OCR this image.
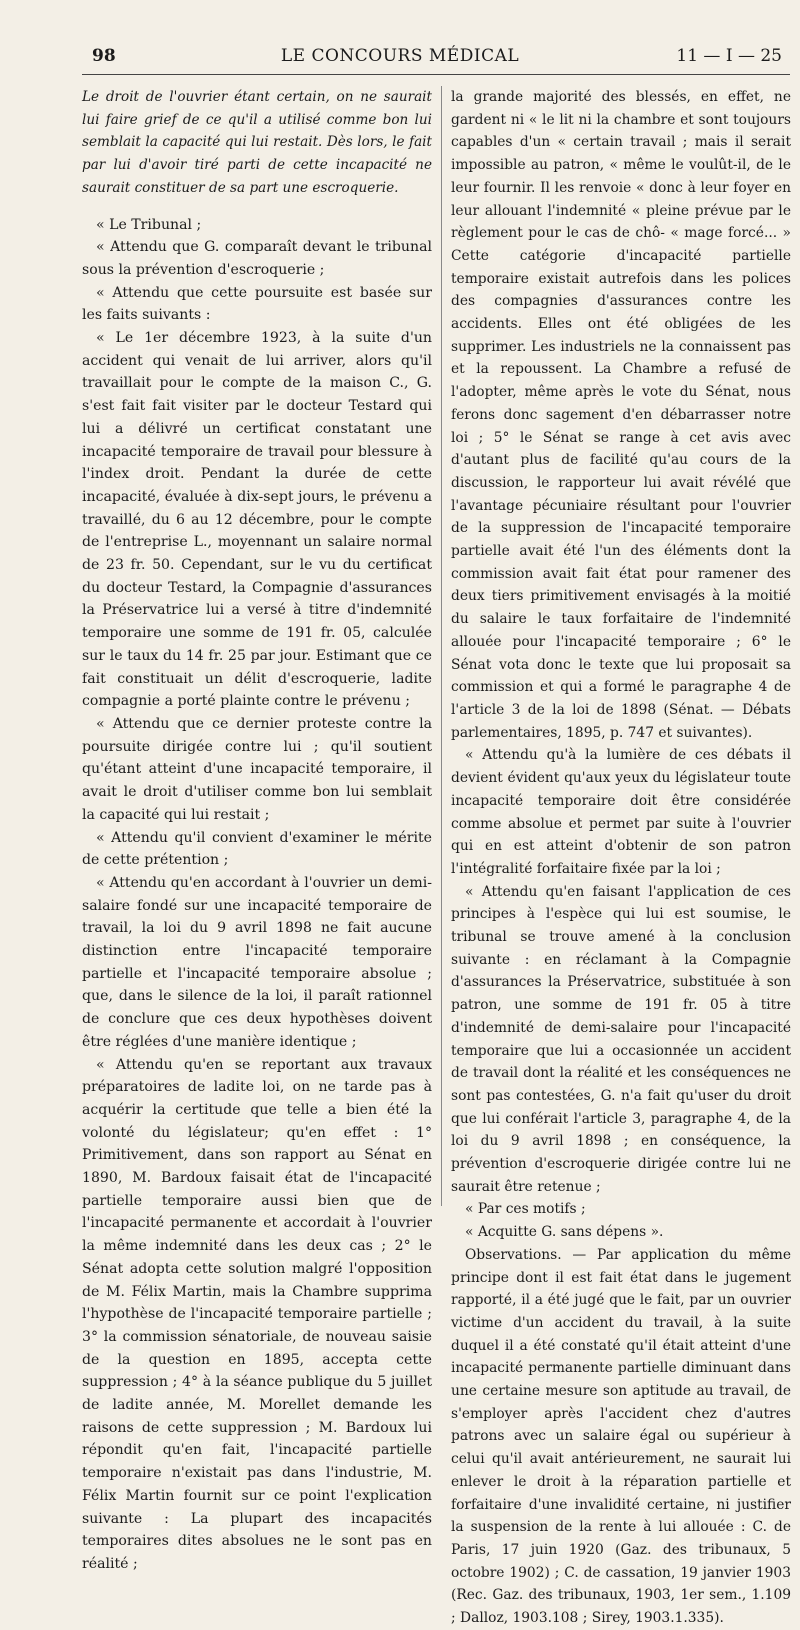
98	LE CONCOURS MÉDICAL	11 — I — 25

Le droit de l'ouvrier étant certain, on ne saurait lui faire grief de ce qu'il a utilisé comme bon lui semblait la capacité qui lui restait. Dès lors, le fait par lui d'avoir tiré parti de cette incapacité ne saurait constituer de sa part une escroquerie.

« Le Tribunal ;

« Attendu que G. comparaît devant le tribunal sous la prévention d'escroquerie ;

« Attendu que cette poursuite est basée sur les faits suivants :

« Le 1er décembre 1923, à la suite d'un accident qui venait de lui arriver, alors qu'il travaillait pour le compte de la maison C., G. s'est fait fait visiter par le docteur Testard qui lui a délivré un certificat constatant une incapacité temporaire de travail pour blessure à l'index droit. Pendant la durée de cette incapacité, évaluée à dix-sept jours, le prévenu a travaillé, du 6 au 12 décembre, pour le compte de l'entreprise L., moyennant un salaire normal de 23 fr. 50. Cependant, sur le vu du certificat du docteur Testard, la Compagnie d'assurances la Préservatrice lui a versé à titre d'indemnité temporaire une somme de 191 fr. 05, calculée sur le taux du 14 fr. 25 par jour. Estimant que ce fait constituait un délit d'escroquerie, ladite compagnie a porté plainte contre le prévenu ;

« Attendu que ce dernier proteste contre la poursuite dirigée contre lui ; qu'il soutient qu'étant atteint d'une incapacité temporaire, il avait le droit d'utiliser comme bon lui semblait la capacité qui lui restait ;

« Attendu qu'il convient d'examiner le mérite de cette prétention ;

« Attendu qu'en accordant à l'ouvrier un demi-salaire fondé sur une incapacité temporaire de travail, la loi du 9 avril 1898 ne fait aucune distinction entre l'incapacité temporaire partielle et l'incapacité temporaire absolue ; que, dans le silence de la loi, il paraît rationnel de conclure que ces deux hypothèses doivent être réglées d'une manière identique ;

« Attendu qu'en se reportant aux travaux préparatoires de ladite loi, on ne tarde pas à acquérir la certitude que telle a bien été la volonté du législateur; qu'en effet : 1° Primitivement, dans son rapport au Sénat en 1890, M. Bardoux faisait état de l'incapacité partielle temporaire aussi bien que de l'incapacité permanente et accordait à l'ouvrier la même indemnité dans les deux cas ; 2° le Sénat adopta cette solution malgré l'opposition de M. Félix Martin, mais la Chambre supprima l'hypothèse de l'incapacité temporaire partielle ; 3° la commission sénatoriale, de nouveau saisie de la question en 1895, accepta cette suppression ; 4° à la séance publique du 5 juillet de ladite année, M. Morellet demande les raisons de cette suppression ; M. Bardoux lui répondit qu'en fait, l'incapacité partielle temporaire n'existait pas dans l'industrie, M. Félix Martin fournit sur ce point l'explication suivante : La plupart des incapacités temporaires dites absolues ne le sont pas en réalité ;

la grande majorité des blessés, en effet, ne gardent ni « le lit ni la chambre et sont toujours capables d'un « certain travail ; mais il serait impossible au patron, « même le voulût-il, de le leur fournir. Il les renvoie « donc à leur foyer en leur allouant l'indemnité « pleine prévue par le règlement pour le cas de chô- « mage forcé... » Cette catégorie d'incapacité partielle temporaire existait autrefois dans les polices des compagnies d'assurances contre les accidents. Elles ont été obligées de les supprimer. Les industriels ne la connaissent pas et la repoussent. La Chambre a refusé de l'adopter, même après le vote du Sénat, nous ferons donc sagement d'en débarrasser notre loi ; 5° le Sénat se range à cet avis avec d'autant plus de facilité qu'au cours de la discussion, le rapporteur lui avait révélé que l'avantage pécuniaire résultant pour l'ouvrier de la suppression de l'incapacité temporaire partielle avait été l'un des éléments dont la commission avait fait état pour ramener des deux tiers primitivement envisagés à la moitié du salaire le taux forfaitaire de l'indemnité allouée pour l'incapacité temporaire ; 6° le Sénat vota donc le texte que lui proposait sa commission et qui a formé le paragraphe 4 de l'article 3 de la loi de 1898 (Sénat. — Débats parlementaires, 1895, p. 747 et suivantes).

« Attendu qu'à la lumière de ces débats il devient évident qu'aux yeux du législateur toute incapacité temporaire doit être considérée comme absolue et permet par suite à l'ouvrier qui en est atteint d'obtenir de son patron l'intégralité forfaitaire fixée par la loi ;

« Attendu qu'en faisant l'application de ces principes à l'espèce qui lui est soumise, le tribunal se trouve amené à la conclusion suivante : en réclamant à la Compagnie d'assurances la Préservatrice, substituée à son patron, une somme de 191 fr. 05 à titre d'indemnité de demi-salaire pour l'incapacité temporaire que lui a occasionnée un accident de travail dont la réalité et les conséquences ne sont pas contestées, G. n'a fait qu'user du droit que lui conférait l'article 3, paragraphe 4, de la loi du 9 avril 1898 ; en conséquence, la prévention d'escroquerie dirigée contre lui ne saurait être retenue ;

« Par ces motifs ;

« Acquitte G. sans dépens ».

Observations. — Par application du même principe dont il est fait état dans le jugement rapporté, il a été jugé que le fait, par un ouvrier victime d'un accident du travail, à la suite duquel il a été constaté qu'il était atteint d'une incapacité permanente partielle diminuant dans une certaine mesure son aptitude au travail, de s'employer après l'accident chez d'autres patrons avec un salaire égal ou supérieur à celui qu'il avait antérieurement, ne saurait lui enlever le droit à la réparation partielle et forfaitaire d'une invalidité certaine, ni justifier la suspension de la rente à lui allouée : C. de Paris, 17 juin 1920 (Gaz. des tribunaux, 5 octobre 1902) ; C. de cassation, 19 janvier 1903 (Rec. Gaz. des tribunaux, 1903, 1er sem., 1.109 ; Dalloz, 1903.108 ; Sirey, 1903.1.335).
